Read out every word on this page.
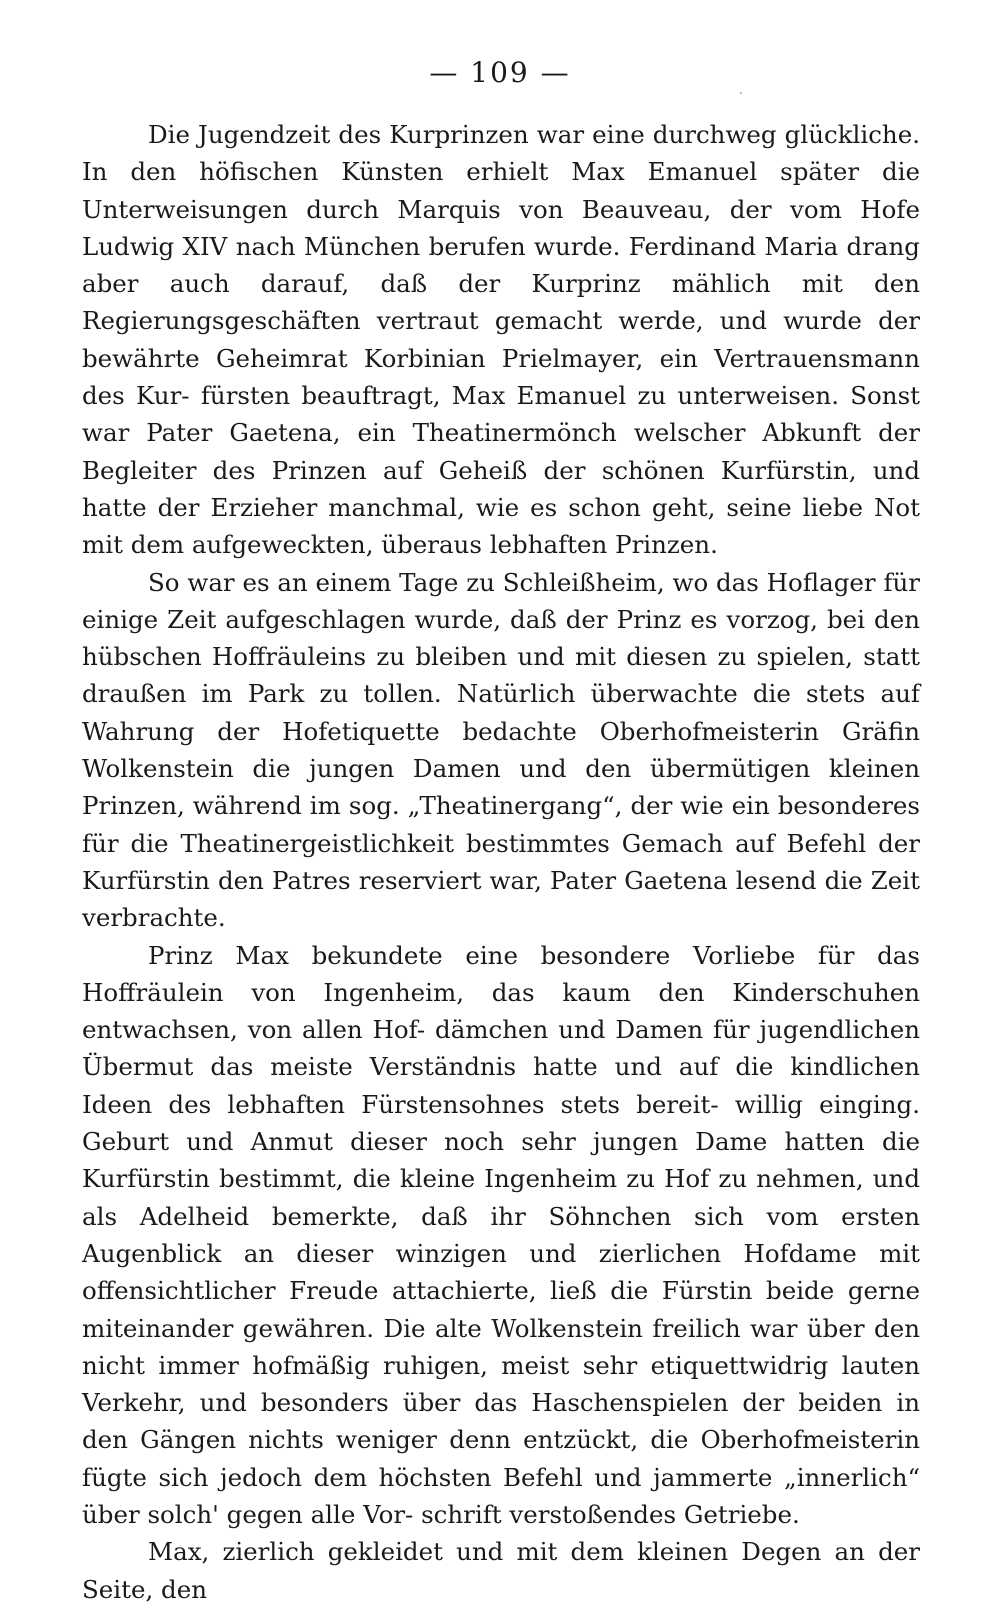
— 109 —

Die Jugendzeit des Kurprinzen war eine durchweg glückliche. In den höfischen Künsten erhielt Max Emanuel später die Unterweisungen durch Marquis von Beauveau, der vom Hofe Ludwig XIV nach München berufen wurde. Ferdinand Maria drang aber auch darauf, daß der Kurprinz mählich mit den Regierungsgeschäften vertraut gemacht werde, und wurde der bewährte Geheimrat Korbinian Prielmayer, ein Vertrauensmann des Kur- fürsten beauftragt, Max Emanuel zu unterweisen. Sonst war Pater Gaetena, ein Theatinermönch welscher Abkunft der Begleiter des Prinzen auf Geheiß der schönen Kurfürstin, und hatte der Erzieher manchmal, wie es schon geht, seine liebe Not mit dem aufgeweckten, überaus lebhaften Prinzen.

So war es an einem Tage zu Schleißheim, wo das Hoflager für einige Zeit aufgeschlagen wurde, daß der Prinz es vorzog, bei den hübschen Hoffräuleins zu bleiben und mit diesen zu spielen, statt draußen im Park zu tollen. Natürlich überwachte die stets auf Wahrung der Hofetiquette bedachte Oberhofmeisterin Gräfin Wolkenstein die jungen Damen und den übermütigen kleinen Prinzen, während im sog. „Theatinergang“, der wie ein besonderes für die Theatinergeistlichkeit bestimmtes Gemach auf Befehl der Kurfürstin den Patres reserviert war, Pater Gaetena lesend die Zeit verbrachte.

Prinz Max bekundete eine besondere Vorliebe für das Hoffräulein von Ingenheim, das kaum den Kinderschuhen entwachsen, von allen Hof- dämchen und Damen für jugendlichen Übermut das meiste Verständnis hatte und auf die kindlichen Ideen des lebhaften Fürstensohnes stets bereit- willig einging. Geburt und Anmut dieser noch sehr jungen Dame hatten die Kurfürstin bestimmt, die kleine Ingenheim zu Hof zu nehmen, und als Adelheid bemerkte, daß ihr Söhnchen sich vom ersten Augenblick an dieser winzigen und zierlichen Hofdame mit offensichtlicher Freude attachierte, ließ die Fürstin beide gerne miteinander gewähren. Die alte Wolkenstein freilich war über den nicht immer hofmäßig ruhigen, meist sehr etiquettwidrig lauten Verkehr, und besonders über das Haschenspielen der beiden in den Gängen nichts weniger denn entzückt, die Oberhofmeisterin fügte sich jedoch dem höchsten Befehl und jammerte „innerlich“ über solch' gegen alle Vor- schrift verstoßendes Getriebe.

Max, zierlich gekleidet und mit dem kleinen Degen an der Seite, den
